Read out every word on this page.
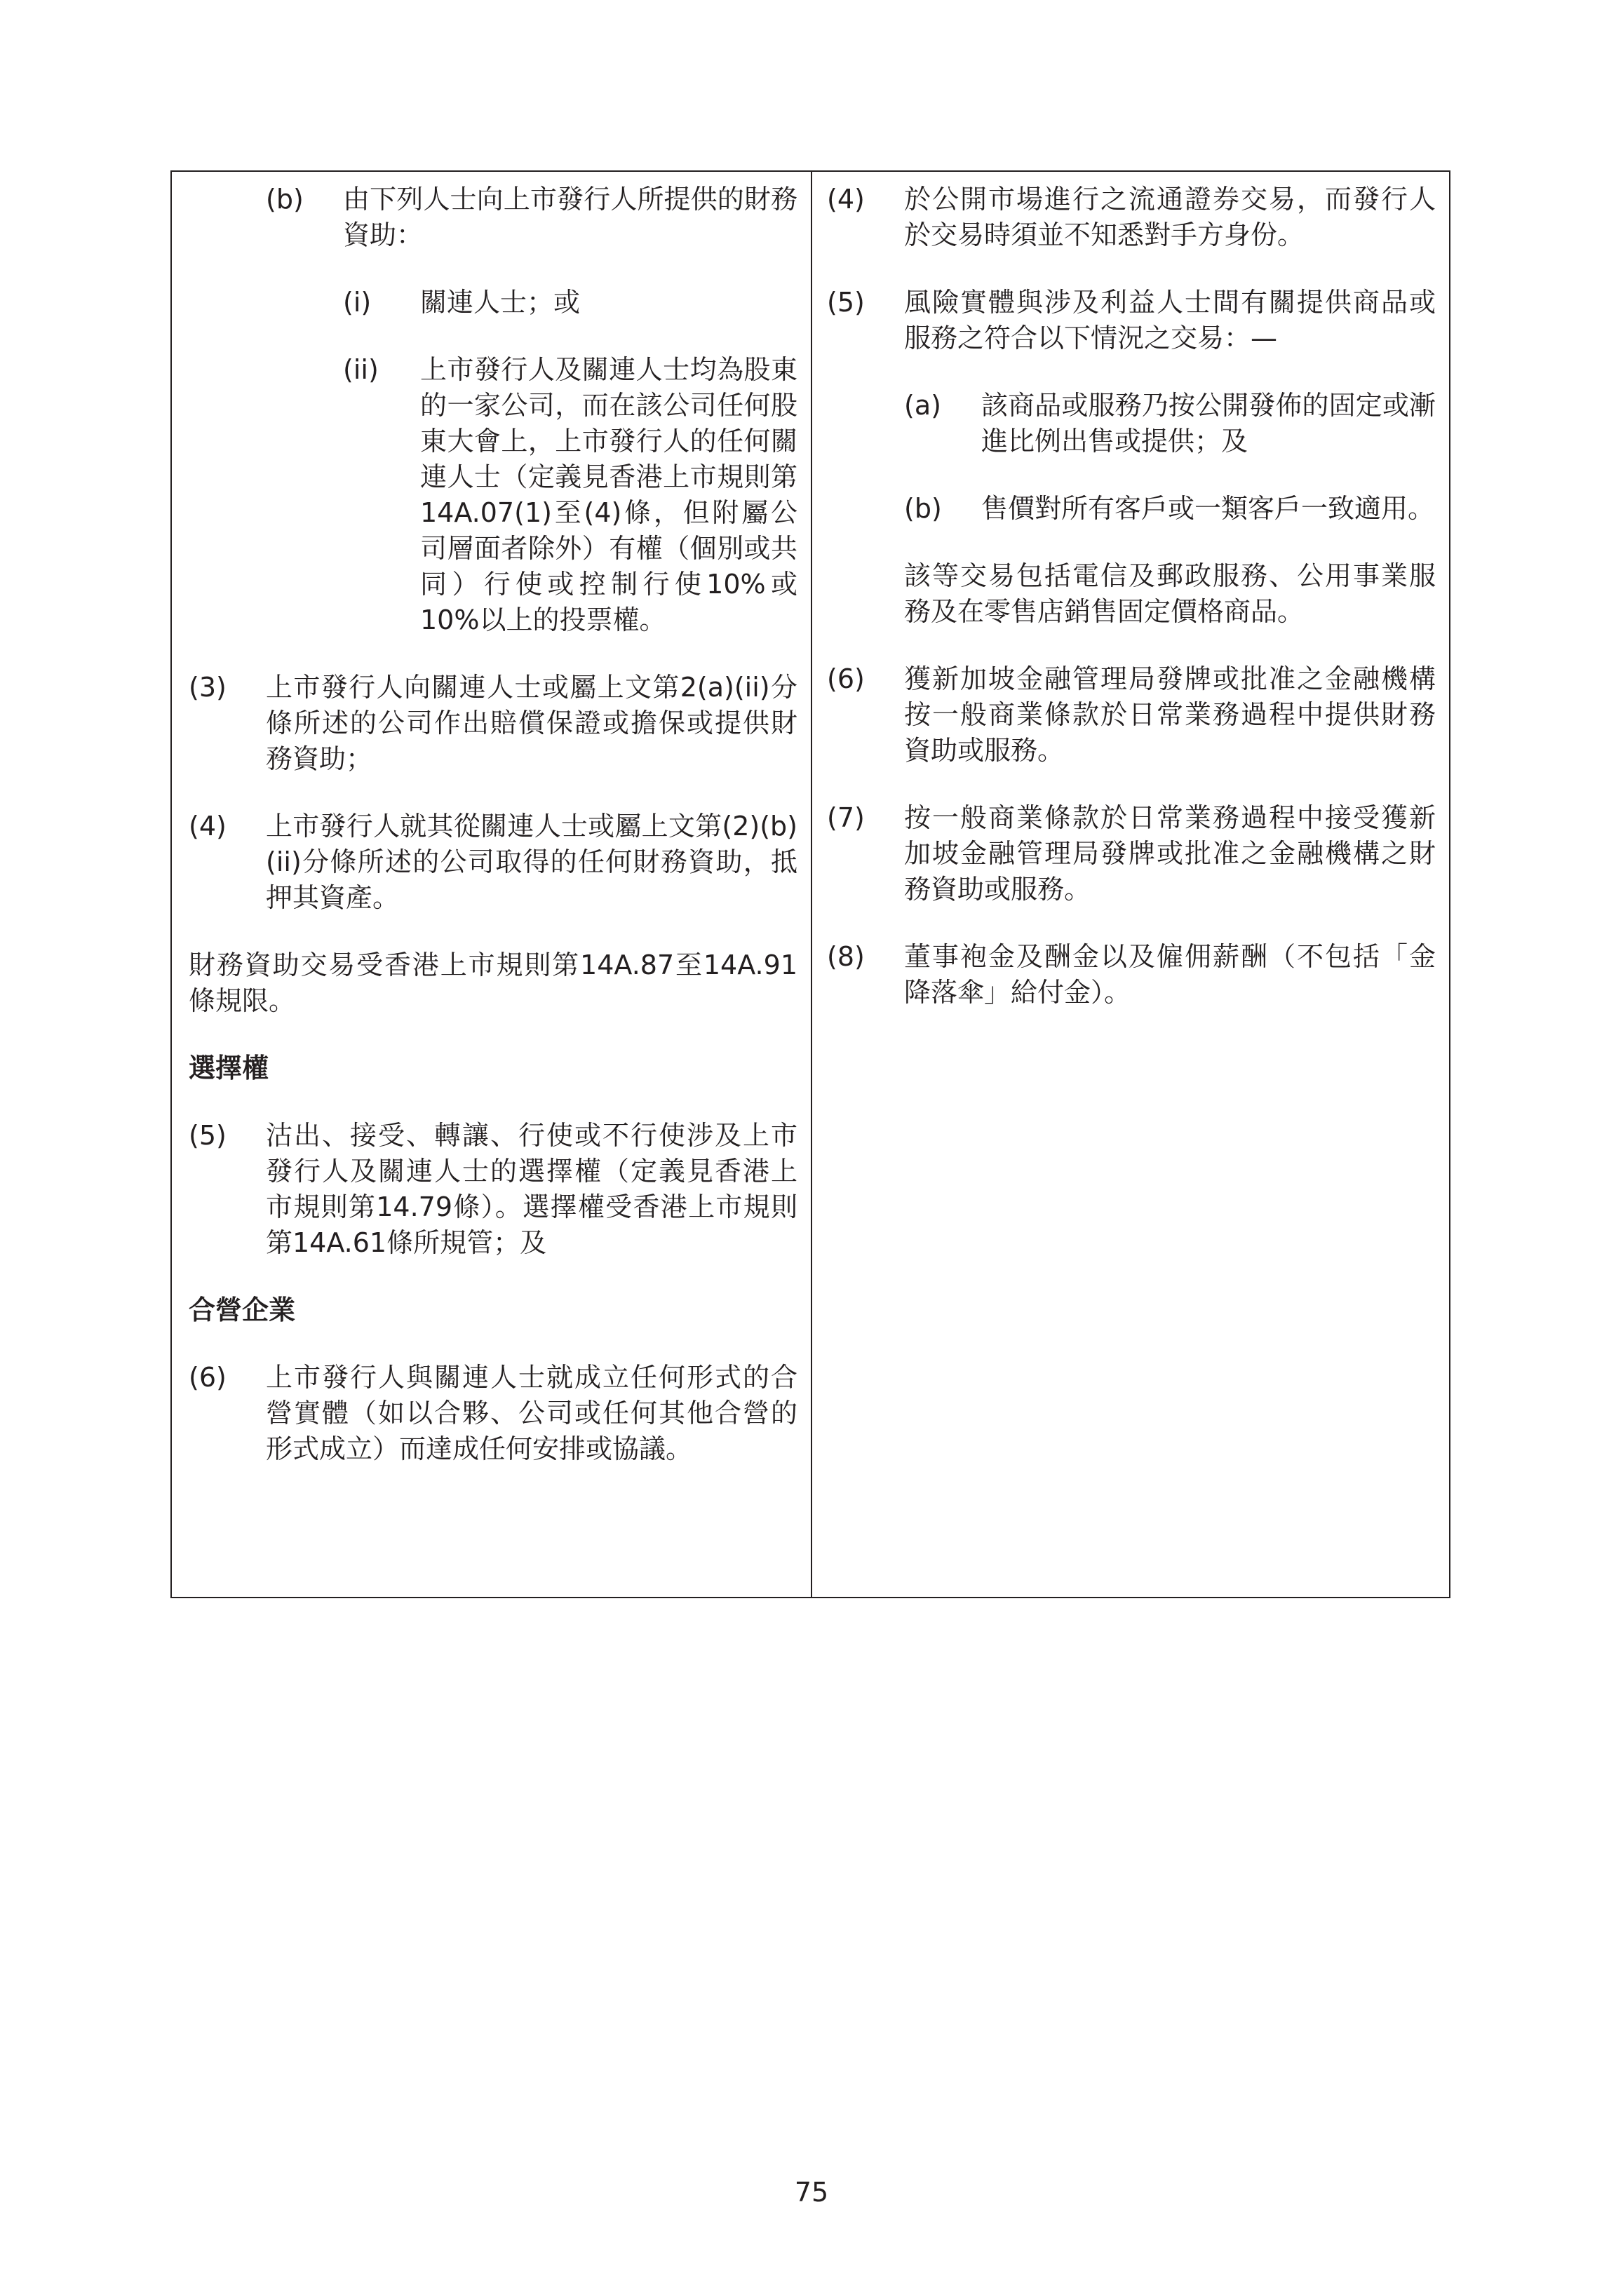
(b)	由下列人士向上市發行人所提供的財務資助：
(i)	關連人士；或
(ii)	上市發行人及關連人士均為股東的一家公司，而在該公司任何股東大會上，上市發行人的任何關連人士（定義見香港上市規則第14A.07(1)至(4)條，但附屬公司層面者除外）有權（個別或共同）行使或控制行使10%或10%以上的投票權。
(3)	上市發行人向關連人士或屬上文第2(a)(ii)分條所述的公司作出賠償保證或擔保或提供財務資助；
(4)	上市發行人就其從關連人士或屬上文第(2)(b)(ii)分條所述的公司取得的任何財務資助，抵押其資產。

財務資助交易受香港上市規則第14A.87至14A.91條規限。

選擇權

(5)	沽出、接受、轉讓、行使或不行使涉及上市發行人及關連人士的選擇權（定義見香港上市規則第14.79條）。選擇權受香港上市規則第14A.61條所規管；及

合營企業

(6)	上市發行人與關連人士就成立任何形式的合營實體（如以合夥、公司或任何其他合營的形式成立）而達成任何安排或協議。
(4)	於公開市場進行之流通證券交易，而發行人於交易時須並不知悉對手方身份。
(5)	風險實體與涉及利益人士間有關提供商品或服務之符合以下情況之交易：—
(a)	該商品或服務乃按公開發佈的固定或漸進比例出售或提供；及
(b)	售價對所有客戶或一類客戶一致適用。

該等交易包括電信及郵政服務、公用事業服務及在零售店銷售固定價格商品。

(6)	獲新加坡金融管理局發牌或批准之金融機構按一般商業條款於日常業務過程中提供財務資助或服務。
(7)	按一般商業條款於日常業務過程中接受獲新加坡金融管理局發牌或批准之金融機構之財務資助或服務。
(8)	董事袍金及酬金以及僱佣薪酬（不包括「金降落傘」給付金）。
75
